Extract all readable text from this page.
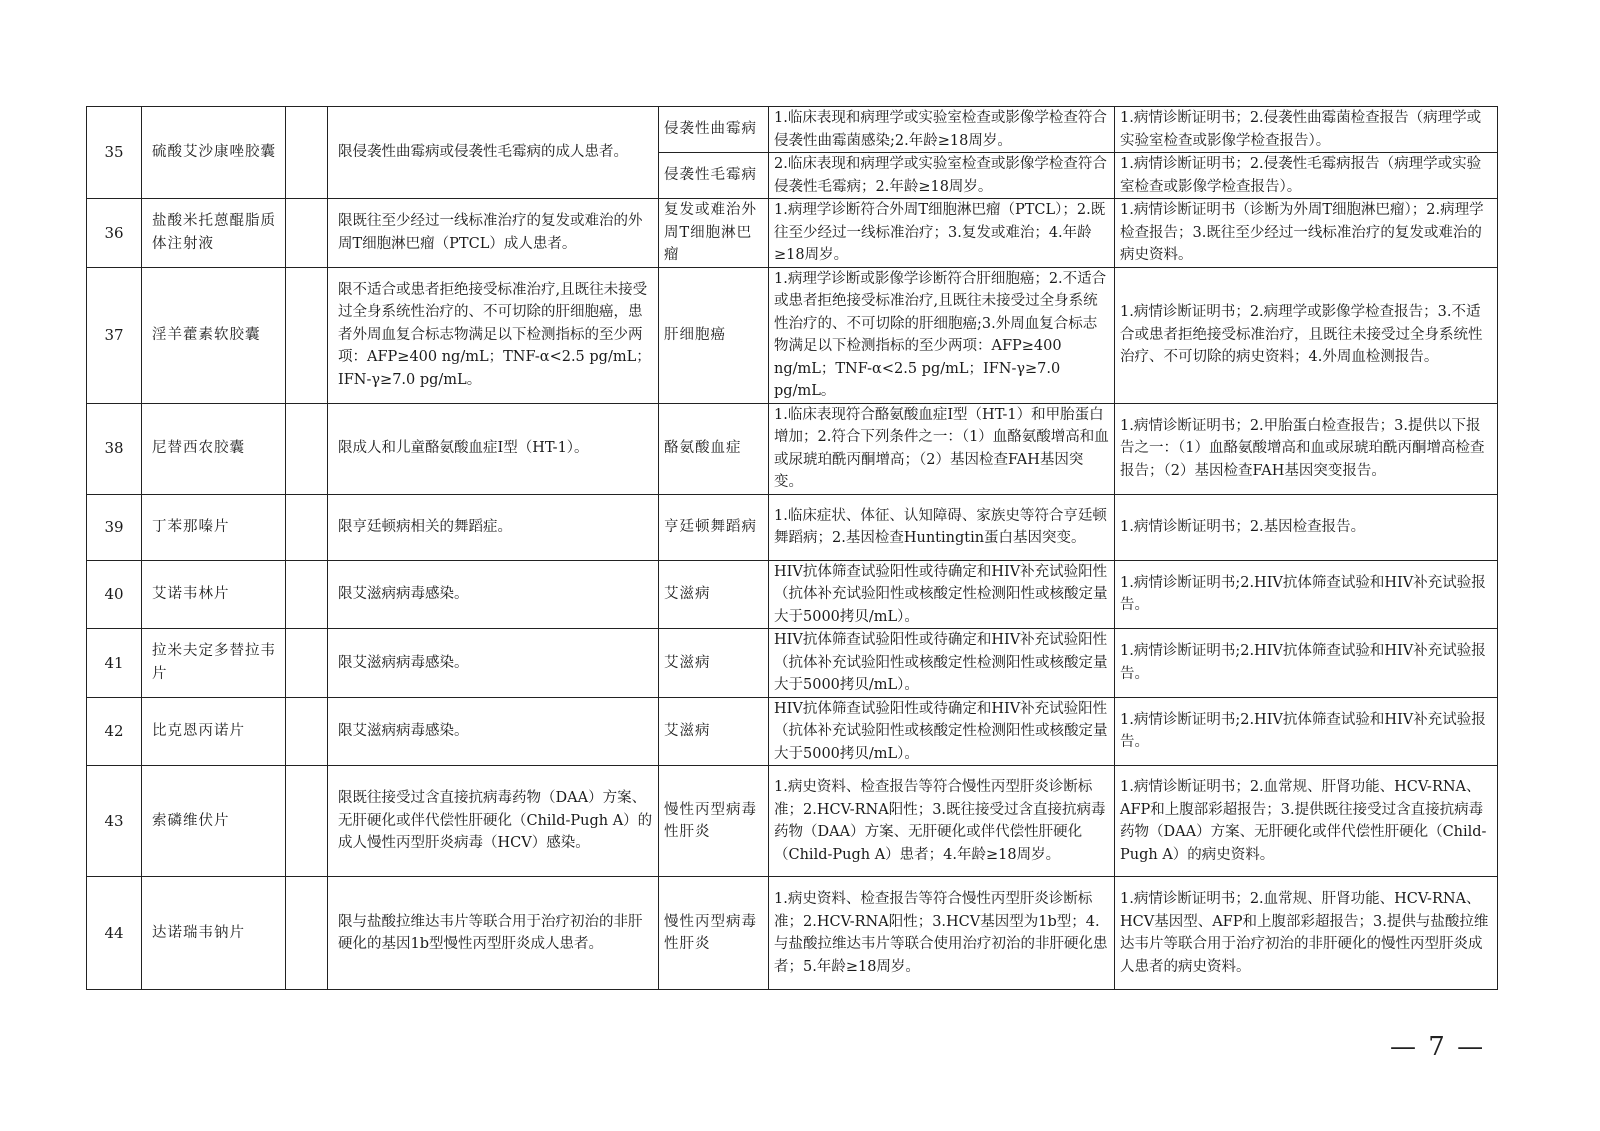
35	硫酸艾沙康唑胶囊		限侵袭性曲霉病或侵袭性毛霉病的成人患者。	侵袭性曲霉病	1.临床表现和病理学或实验室检查或影像学检查符合侵袭性曲霉菌感染;2.年龄≥18周岁。	1.病情诊断证明书；2.侵袭性曲霉菌检查报告（病理学或实验室检查或影像学检查报告）。
				侵袭性毛霉病	2.临床表现和病理学或实验室检查或影像学检查符合侵袭性毛霉病；2.年龄≥18周岁。	1.病情诊断证明书；2.侵袭性毛霉病报告（病理学或实验室检查或影像学检查报告）。
36	盐酸米托蒽醌脂质体注射液		限既往至少经过一线标准治疗的复发或难治的外周T细胞淋巴瘤（PTCL）成人患者。	复发或难治外周T细胞淋巴瘤	1.病理学诊断符合外周T细胞淋巴瘤（PTCL）；2.既往至少经过一线标准治疗；3.复发或难治；4.年龄≥18周岁。	1.病情诊断证明书（诊断为外周T细胞淋巴瘤）；2.病理学检查报告；3.既往至少经过一线标准治疗的复发或难治的病史资料。
37	淫羊藿素软胶囊		限不适合或患者拒绝接受标准治疗,且既往未接受过全身系统性治疗的、不可切除的肝细胞癌，患者外周血复合标志物满足以下检测指标的至少两项：AFP≥400 ng/mL；TNF-α<2.5 pg/mL；IFN-γ≥7.0 pg/mL。	肝细胞癌	1.病理学诊断或影像学诊断符合肝细胞癌；2.不适合或患者拒绝接受标准治疗,且既往未接受过全身系统性治疗的、不可切除的肝细胞癌;3.外周血复合标志物满足以下检测指标的至少两项：AFP≥400 ng/mL；TNF-α<2.5 pg/mL；IFN-γ≥7.0 pg/mL。	1.病情诊断证明书；2.病理学或影像学检查报告；3.不适合或患者拒绝接受标准治疗，且既往未接受过全身系统性治疗、不可切除的病史资料；4.外周血检测报告。
38	尼替西农胶囊		限成人和儿童酪氨酸血症Ⅰ型（HT-1）。	酪氨酸血症	1.临床表现符合酪氨酸血症Ⅰ型（HT-1）和甲胎蛋白增加；2.符合下列条件之一：（1）血酪氨酸增高和血或尿琥珀酰丙酮增高；（2）基因检查FAH基因突变。	1.病情诊断证明书；2.甲胎蛋白检查报告；3.提供以下报告之一：（1）血酪氨酸增高和血或尿琥珀酰丙酮增高检查报告；（2）基因检查FAH基因突变报告。
39	丁苯那嗪片		限亨廷顿病相关的舞蹈症。	亨廷顿舞蹈病	1.临床症状、体征、认知障碍、家族史等符合亨廷顿舞蹈病；2.基因检查Huntingtin蛋白基因突变。	1.病情诊断证明书；2.基因检查报告。
40	艾诺韦林片		限艾滋病病毒感染。	艾滋病	HIV抗体筛查试验阳性或待确定和HIV补充试验阳性（抗体补充试验阳性或核酸定性检测阳性或核酸定量大于5000拷贝/mL）。	1.病情诊断证明书;2.HIV抗体筛查试验和HIV补充试验报告。
41	拉米夫定多替拉韦片		限艾滋病病毒感染。	艾滋病	HIV抗体筛查试验阳性或待确定和HIV补充试验阳性（抗体补充试验阳性或核酸定性检测阳性或核酸定量大于5000拷贝/mL）。	1.病情诊断证明书;2.HIV抗体筛查试验和HIV补充试验报告。
42	比克恩丙诺片		限艾滋病病毒感染。	艾滋病	HIV抗体筛查试验阳性或待确定和HIV补充试验阳性（抗体补充试验阳性或核酸定性检测阳性或核酸定量大于5000拷贝/mL）。	1.病情诊断证明书;2.HIV抗体筛查试验和HIV补充试验报告。
43	索磷维伏片		限既往接受过含直接抗病毒药物（DAA）方案、无肝硬化或伴代偿性肝硬化（Child-Pugh A）的成人慢性丙型肝炎病毒（HCV）感染。	慢性丙型病毒性肝炎	1.病史资料、检查报告等符合慢性丙型肝炎诊断标准；2.HCV-RNA阳性；3.既往接受过含直接抗病毒药物（DAA）方案、无肝硬化或伴代偿性肝硬化（Child-Pugh A）患者；4.年龄≥18周岁。	1.病情诊断证明书；2.血常规、肝肾功能、HCV-RNA、AFP和上腹部彩超报告；3.提供既往接受过含直接抗病毒药物（DAA）方案、无肝硬化或伴代偿性肝硬化（Child-Pugh A）的病史资料。
44	达诺瑞韦钠片		限与盐酸拉维达韦片等联合用于治疗初治的非肝硬化的基因1b型慢性丙型肝炎成人患者。	慢性丙型病毒性肝炎	1.病史资料、检查报告等符合慢性丙型肝炎诊断标准；2.HCV-RNA阳性；3.HCV基因型为1b型；4.与盐酸拉维达韦片等联合使用治疗初治的非肝硬化患者；5.年龄≥18周岁。	1.病情诊断证明书；2.血常规、肝肾功能、HCV-RNA、HCV基因型、AFP和上腹部彩超报告；3.提供与盐酸拉维达韦片等联合用于治疗初治的非肝硬化的慢性丙型肝炎成人患者的病史资料。
— 7 —
